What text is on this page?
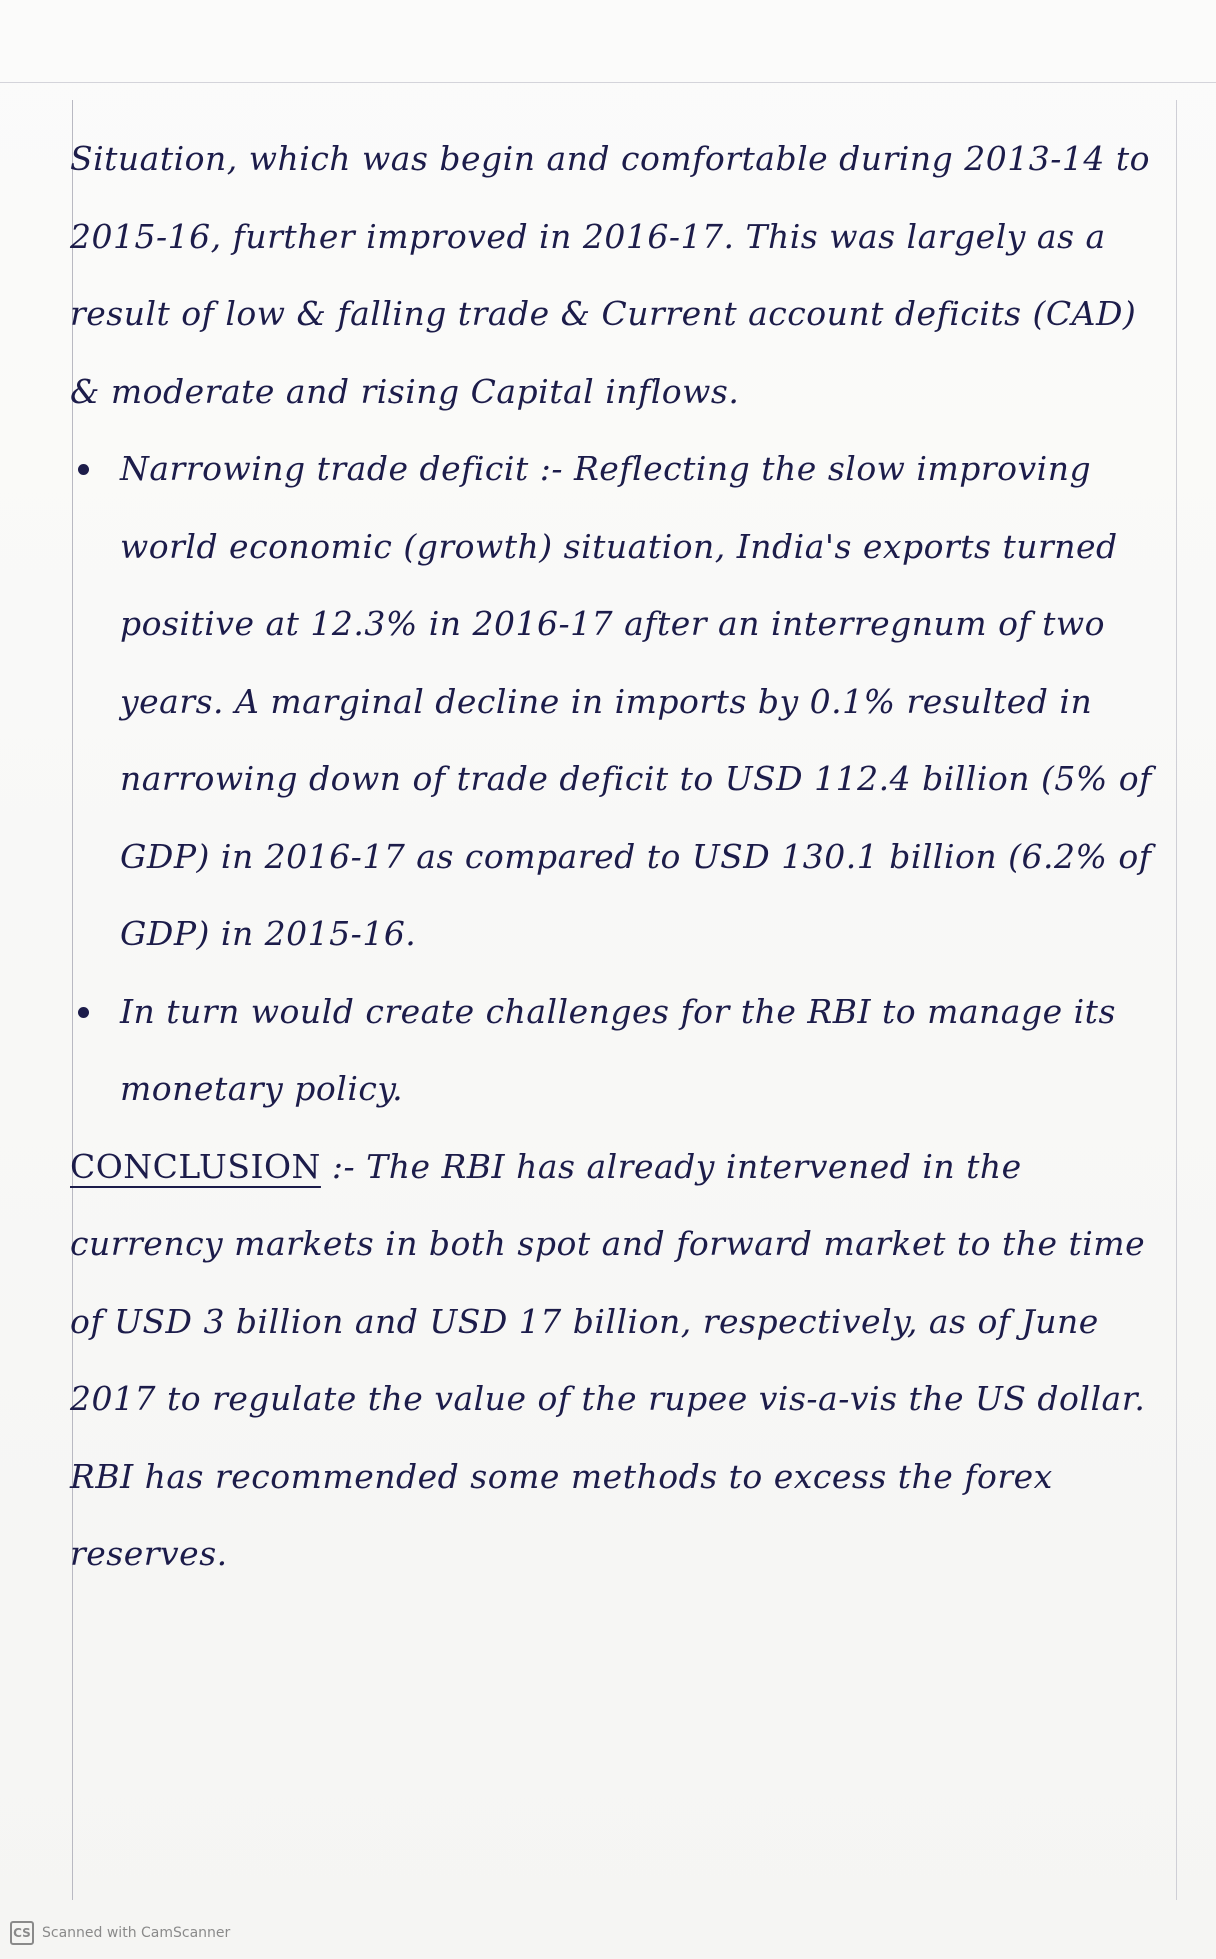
Situation, which was begin and comfortable during 2013-14 to 2015-16, further improved in 2016-17. This was largely as a result of low & falling trade & Current account deficits (CAD) & moderate and rising Capital inflows.

Narrowing trade deficit :- Reflecting the slow improving world economic (growth) situation, India's exports turned positive at 12.3% in 2016-17 after an interregnum of two years. A marginal decline in imports by 0.1% resulted in narrowing down of trade deficit to USD 112.4 billion (5% of GDP) in 2016-17 as compared to USD 130.1 billion (6.2% of GDP) in 2015-16.

In turn would create challenges for the RBI to manage its monetary policy.

CONCLUSION :- The RBI has already intervened in the currency markets in both spot and forward market to the time of USD 3 billion and USD 17 billion, respectively, as of June 2017 to regulate the value of the rupee vis-a-vis the US dollar. RBI has recommended some methods to excess the forex reserves.

CS Scanned with CamScanner
